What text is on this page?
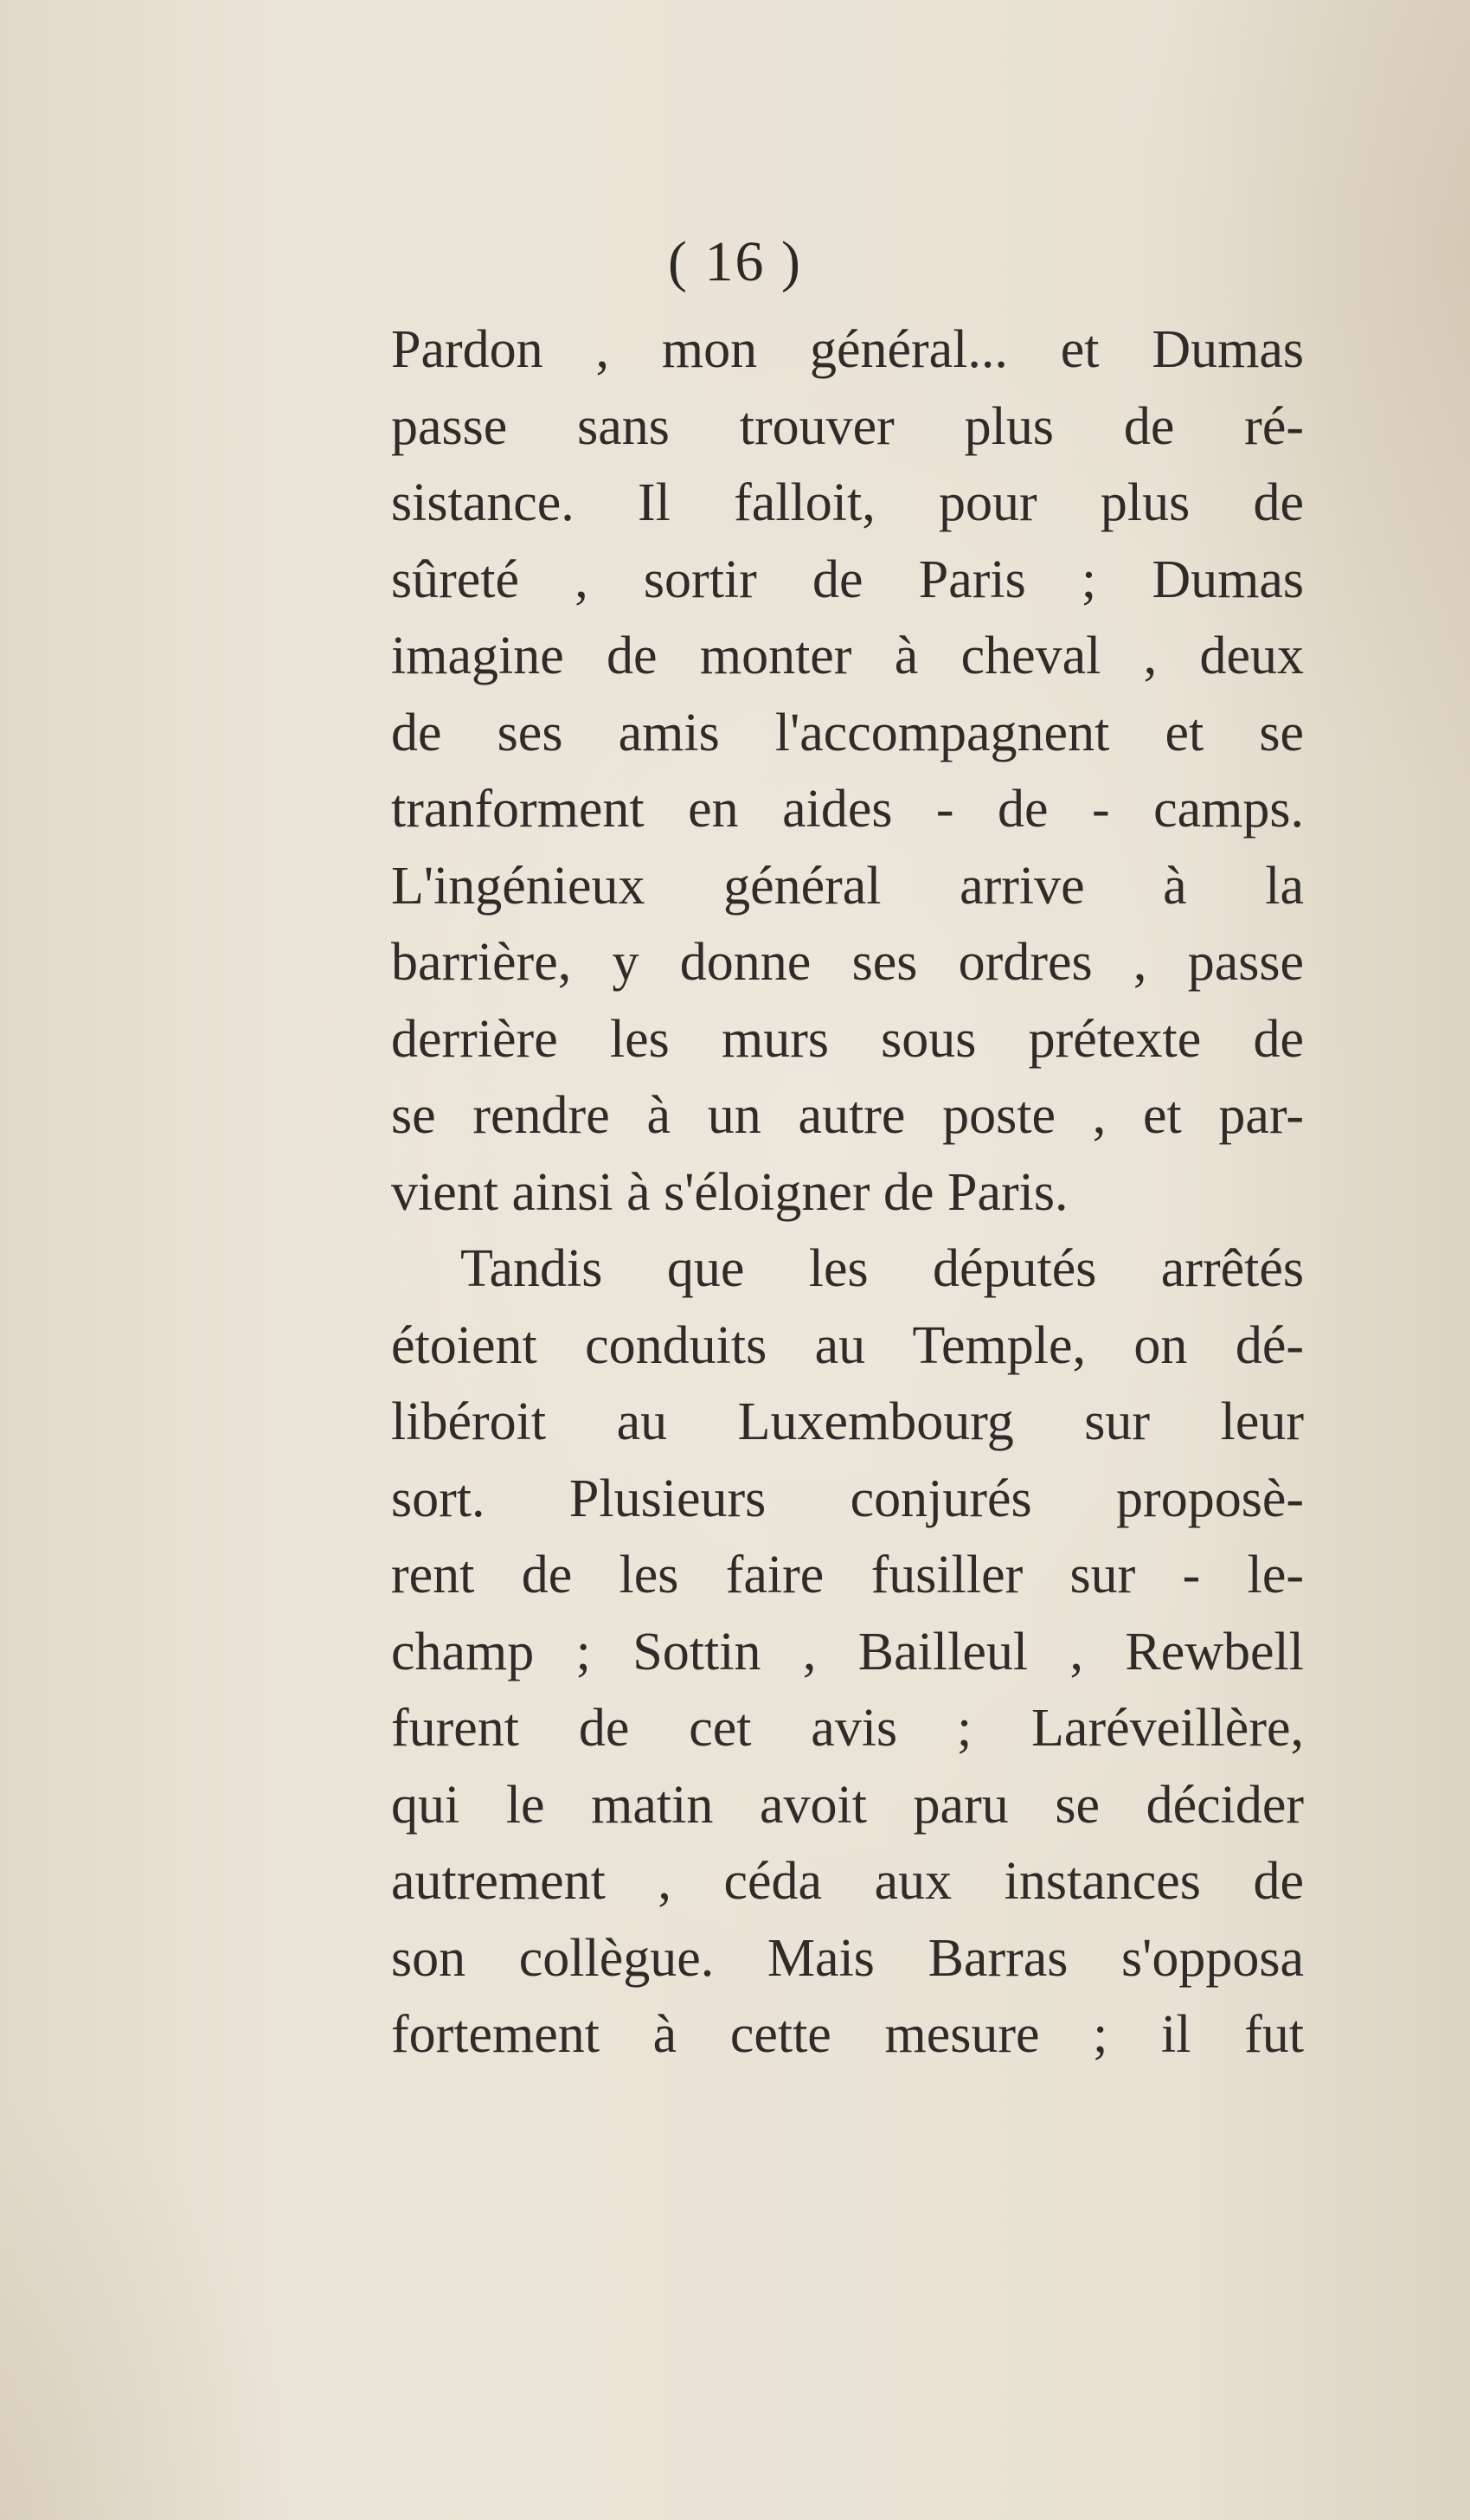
( 16 )
Pardon , mon général... et Dumas
passe sans trouver plus de ré-
sistance. Il falloit, pour plus de
sûreté , sortir de Paris ; Dumas
imagine de monter à cheval , deux
de ses amis l'accompagnent et se
tranforment en aides - de - camps.
L'ingénieux général arrive à la
barrière, y donne ses ordres , passe
derrière les murs sous prétexte de
se rendre à un autre poste , et par-
vient ainsi à s'éloigner de Paris.
Tandis que les députés arrêtés
étoient conduits au Temple, on dé-
libéroit au Luxembourg sur leur
sort. Plusieurs conjurés proposè-
rent de les faire fusiller sur - le-
champ ; Sottin , Bailleul , Rewbell
furent de cet avis ; Laréveillère,
qui le matin avoit paru se décider
autrement , céda aux instances de
son collègue. Mais Barras s'opposa
fortement à cette mesure ; il fut
